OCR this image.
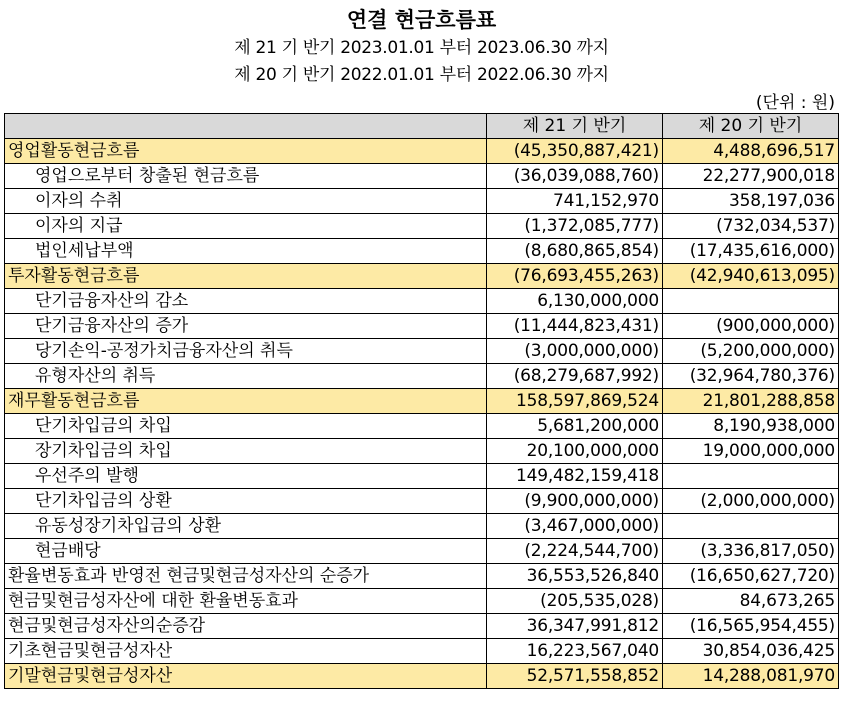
연결 현금흐름표
제 21 기 반기 2023.01.01 부터 2023.06.30 까지
제 20 기 반기 2022.01.01 부터 2022.06.30 까지
(단위 : 원)
	제 21 기 반기	제 20 기 반기
영업활동현금흐름	(45,350,887,421)	4,488,696,517
영업으로부터 창출된 현금흐름	(36,039,088,760)	22,277,900,018
이자의 수취	741,152,970	358,197,036
이자의 지급	(1,372,085,777)	(732,034,537)
법인세납부액	(8,680,865,854)	(17,435,616,000)
투자활동현금흐름	(76,693,455,263)	(42,940,613,095)
단기금융자산의 감소	6,130,000,000	
단기금융자산의 증가	(11,444,823,431)	(900,000,000)
당기손익-공정가치금융자산의 취득	(3,000,000,000)	(5,200,000,000)
유형자산의 취득	(68,279,687,992)	(32,964,780,376)
재무활동현금흐름	158,597,869,524	21,801,288,858
단기차입금의 차입	5,681,200,000	8,190,938,000
장기차입금의 차입	20,100,000,000	19,000,000,000
우선주의 발행	149,482,159,418	
단기차입금의 상환	(9,900,000,000)	(2,000,000,000)
유동성장기차입금의 상환	(3,467,000,000)	
현금배당	(2,224,544,700)	(3,336,817,050)
환율변동효과 반영전 현금및현금성자산의 순증가	36,553,526,840	(16,650,627,720)
현금및현금성자산에 대한 환율변동효과	(205,535,028)	84,673,265
현금및현금성자산의순증감	36,347,991,812	(16,565,954,455)
기초현금및현금성자산	16,223,567,040	30,854,036,425
기말현금및현금성자산	52,571,558,852	14,288,081,970
